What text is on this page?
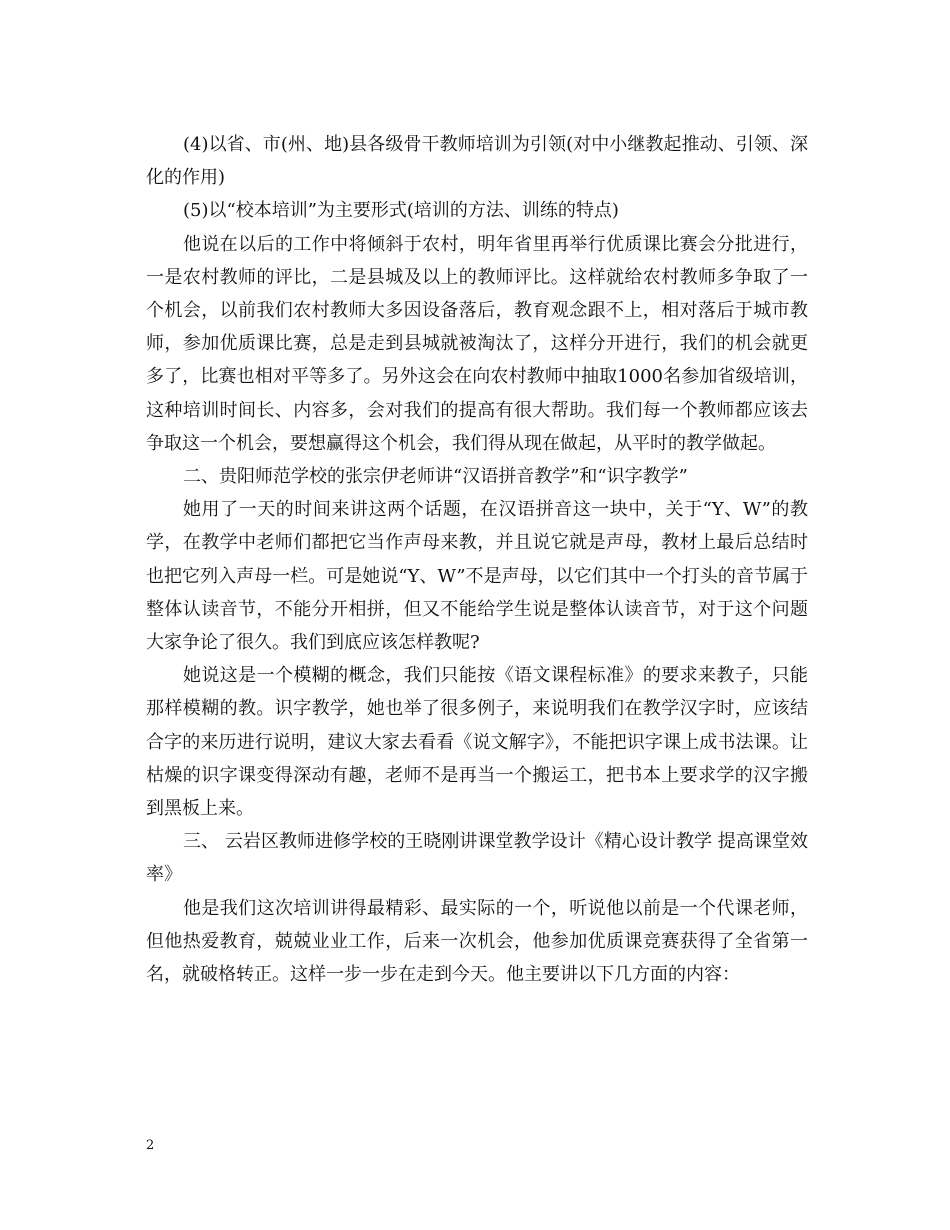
(4)以省、市(州、地)县各级骨干教师培训为引领(对中小继教起推动、引领、深化的作用)

(5)以“校本培训”为主要形式(培训的方法、训练的特点)

他说在以后的工作中将倾斜于农村，明年省里再举行优质课比赛会分批进行，一是农村教师的评比，二是县城及以上的教师评比。这样就给农村教师多争取了一个机会，以前我们农村教师大多因设备落后，教育观念跟不上，相对落后于城市教师，参加优质课比赛，总是走到县城就被淘汰了，这样分开进行，我们的机会就更多了，比赛也相对平等多了。另外这会在向农村教师中抽取1000名参加省级培训，这种培训时间长、内容多，会对我们的提高有很大帮助。我们每一个教师都应该去争取这一个机会，要想赢得这个机会，我们得从现在做起，从平时的教学做起。

二、贵阳师范学校的张宗伊老师讲“汉语拼音教学”和“识字教学”

她用了一天的时间来讲这两个话题，在汉语拼音这一块中，关于“Y、W”的教学，在教学中老师们都把它当作声母来教，并且说它就是声母，教材上最后总结时也把它列入声母一栏。可是她说“Y、W”不是声母，以它们其中一个打头的音节属于整体认读音节，不能分开相拼，但又不能给学生说是整体认读音节，对于这个问题大家争论了很久。我们到底应该怎样教呢?

她说这是一个模糊的概念，我们只能按《语文课程标准》的要求来教子，只能那样模糊的教。识字教学，她也举了很多例子，来说明我们在教学汉字时，应该结合字的来历进行说明，建议大家去看看《说文解字》，不能把识字课上成书法课。让枯燥的识字课变得深动有趣，老师不是再当一个搬运工，把书本上要求学的汉字搬到黑板上来。

三、 云岩区教师进修学校的王晓刚讲课堂教学设计《精心设计教学 提高课堂效率》

他是我们这次培训讲得最精彩、最实际的一个，听说他以前是一个代课老师，但他热爱教育，兢兢业业工作，后来一次机会，他参加优质课竞赛获得了全省第一名，就破格转正。这样一步一步在走到今天。他主要讲以下几方面的内容：

2
